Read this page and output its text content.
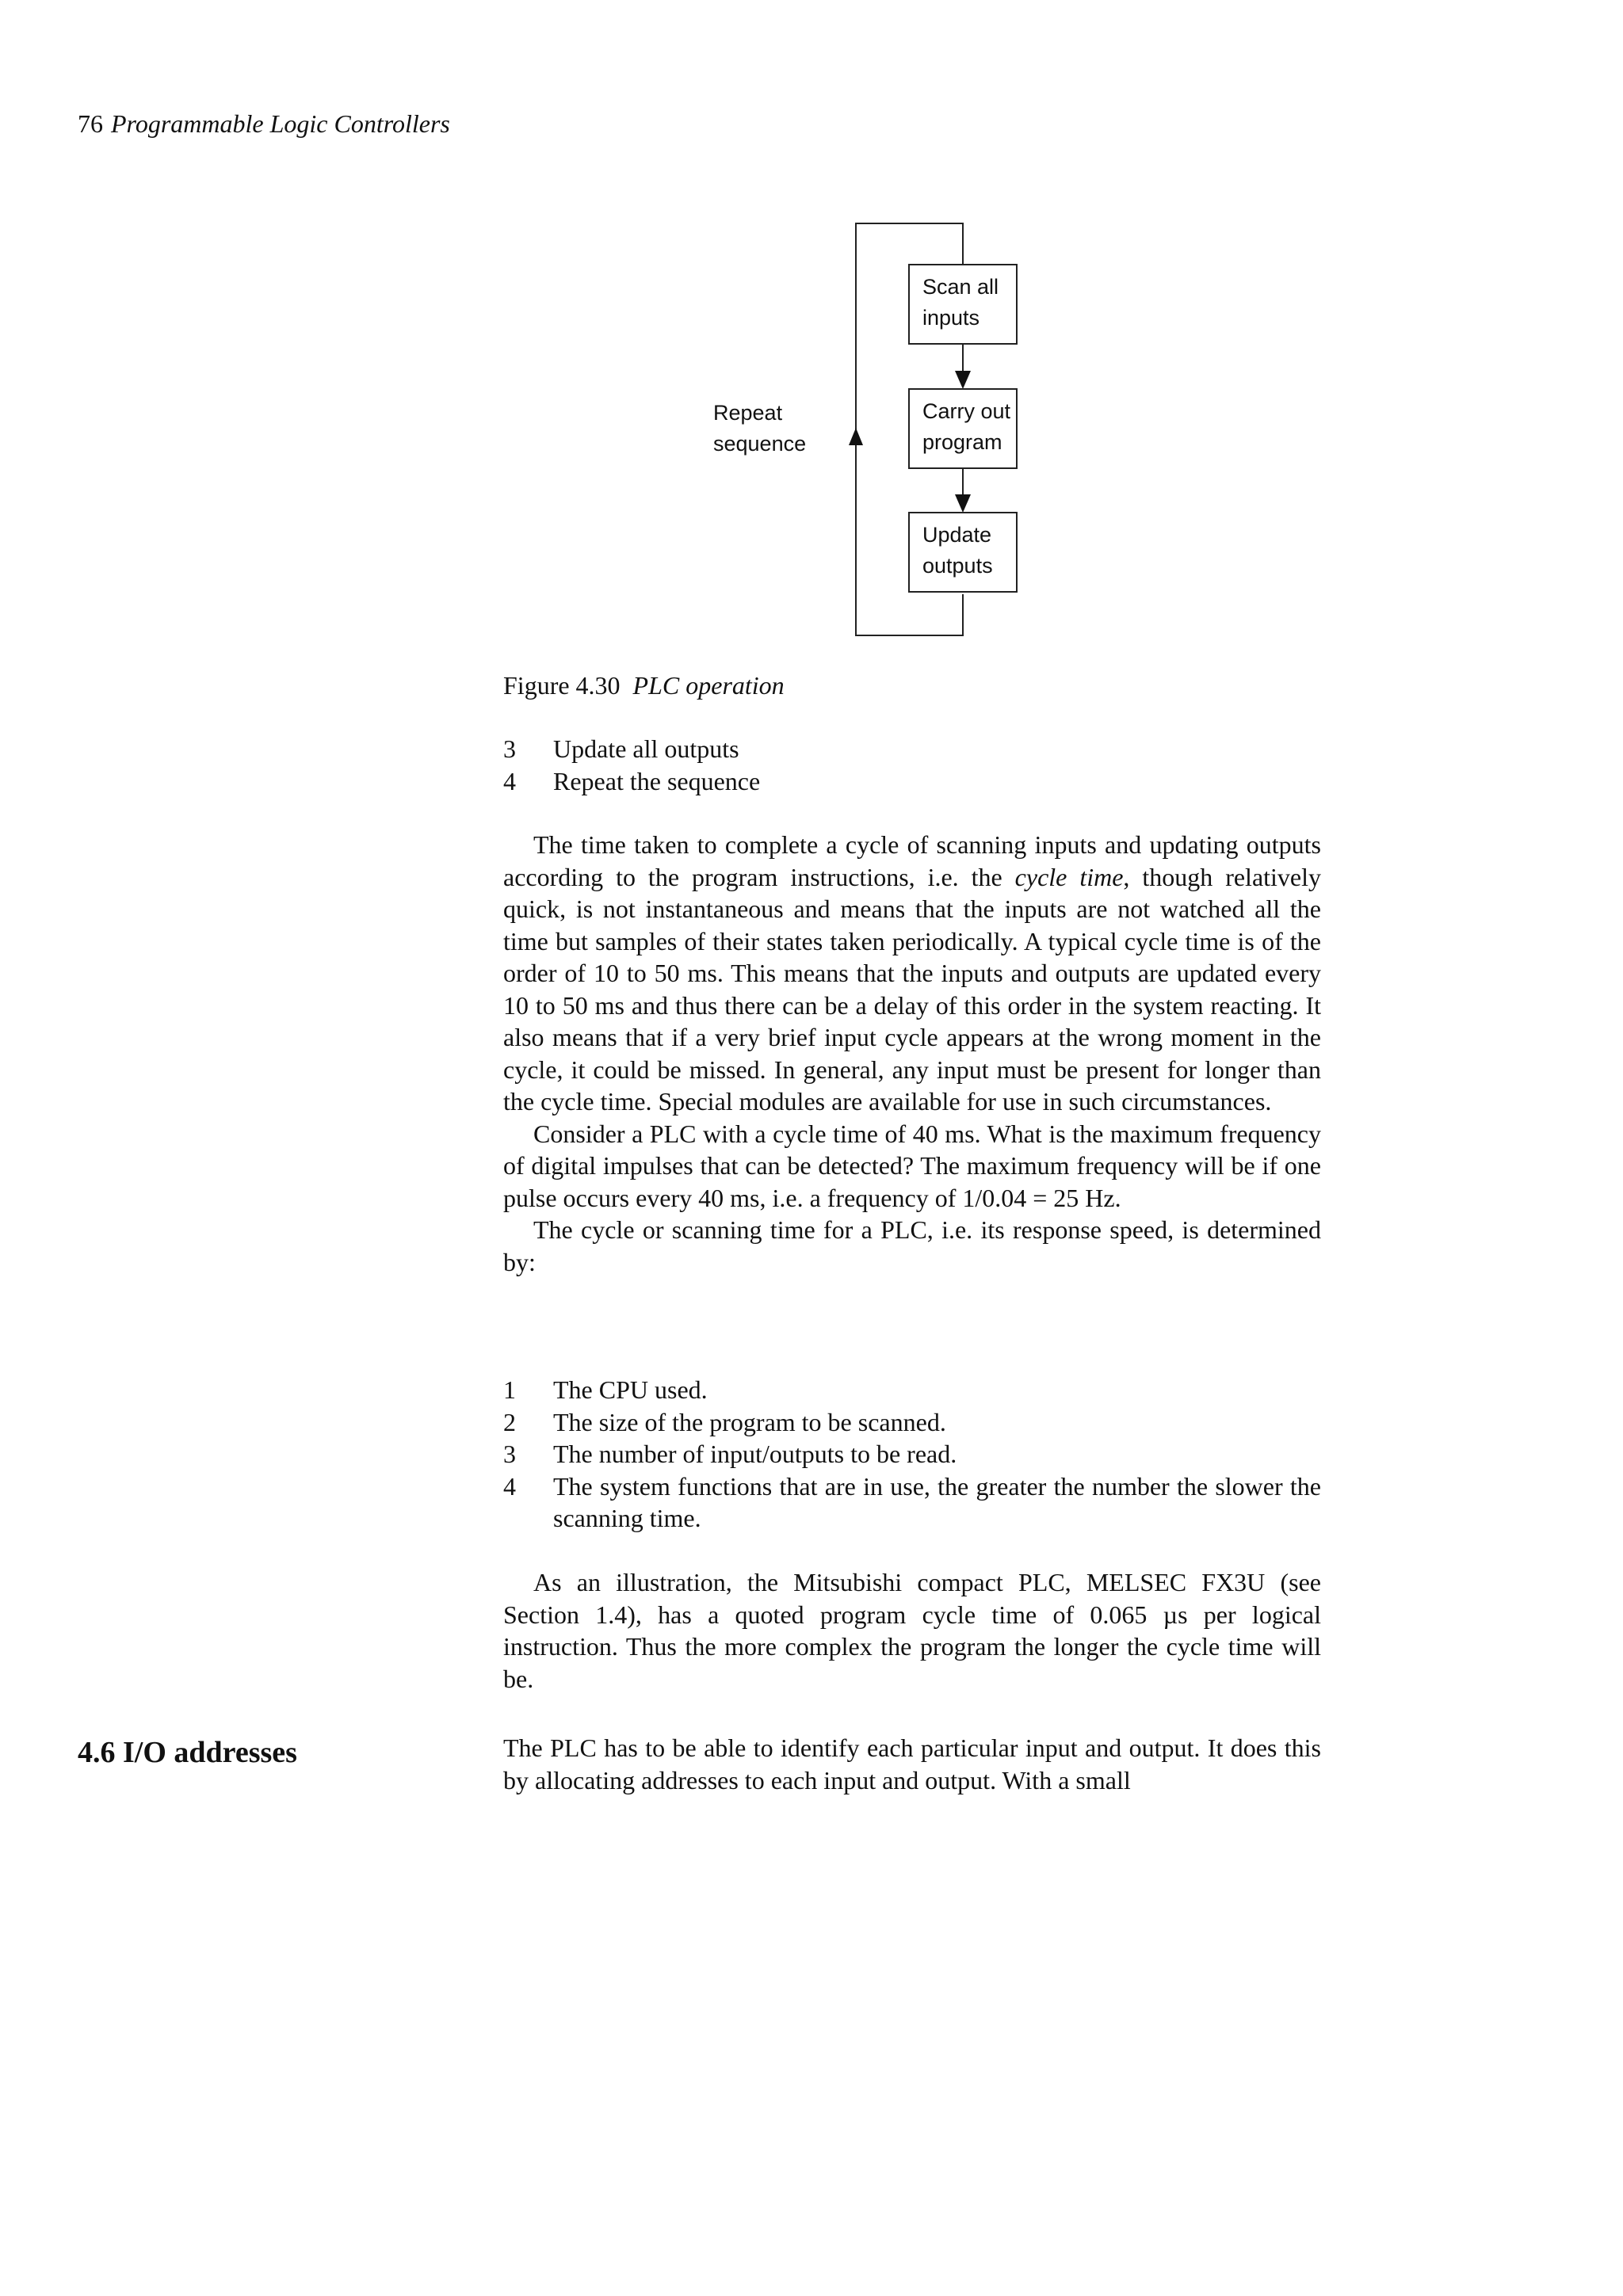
76 Programmable Logic Controllers
Scan all
inputs
Carry out
program
Update
outputs
Repeat
sequence
Figure 4.30 PLC operation
3 Update all outputs
4 Repeat the sequence

The time taken to complete a cycle of scanning inputs and updating outputs according to the program instructions, i.e. the cycle time, though relatively quick, is not instantaneous and means that the inputs are not watched all the time but samples of their states taken periodically. A typical cycle time is of the order of 10 to 50 ms. This means that the inputs and outputs are updated every 10 to 50 ms and thus there can be a delay of this order in the system reacting. It also means that if a very brief input cycle appears at the wrong moment in the cycle, it could be missed. In general, any input must be present for longer than the cycle time. Special modules are available for use in such circumstances.

Consider a PLC with a cycle time of 40 ms. What is the maximum frequency of digital impulses that can be detected? The maximum frequency will be if one pulse occurs every 40 ms, i.e. a frequency of 1/0.04 = 25 Hz.

The cycle or scanning time for a PLC, i.e. its response speed, is determined by:

1 The CPU used.
2 The size of the program to be scanned.
3 The number of input/outputs to be read.
4 The system functions that are in use, the greater the number the slower the scanning time.

As an illustration, the Mitsubishi compact PLC, MELSEC FX3U (see Section 1.4), has a quoted program cycle time of 0.065 µs per logical instruction. Thus the more complex the program the longer the cycle time will be.

4.6 I/O addresses	The PLC has to be able to identify each particular input and output. It does this by allocating addresses to each input and output. With a small
